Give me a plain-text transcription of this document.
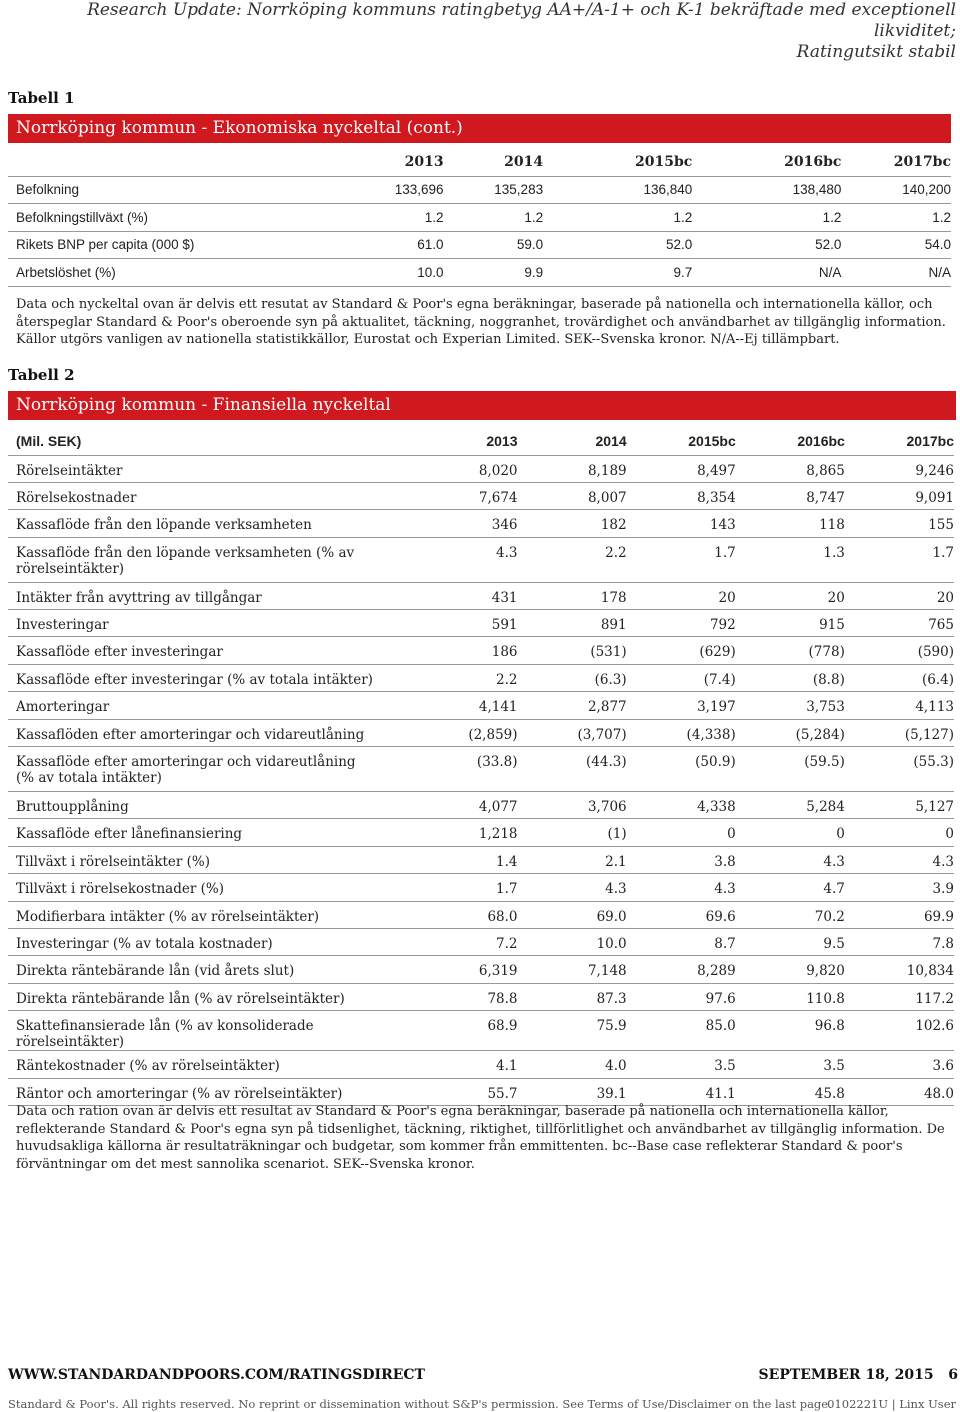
Research Update: Norrköping kommuns ratingbetyg AA+/A-1+ och K-1 bekräftade med exceptionell likviditet;
Ratingutsikt stabil
Tabell 1
Norrköping kommun - Ekonomiska nyckeltal (cont.)
	2013	2014	2015bc	2016bc	2017bc
Befolkning	133,696	135,283	136,840	138,480	140,200
Befolkningstillväxt (%)	1.2	1.2	1.2	1.2	1.2
Rikets BNP per capita (000 $)	61.0	59.0	52.0	52.0	54.0
Arbetslöshet (%)	10.0	9.9	9.7	N/A	N/A
Data och nyckeltal ovan är delvis ett resutat av Standard & Poor's egna beräkningar, baserade på nationella och internationella källor, och återspeglar Standard & Poor's oberoende syn på aktualitet, täckning, noggranhet, trovärdighet och användbarhet av tillgänglig information. Källor utgörs vanligen av nationella statistikkällor, Eurostat och Experian Limited. SEK--Svenska kronor. N/A--Ej tillämpbart.
Tabell 2
Norrköping kommun - Finansiella nyckeltal
(Mil. SEK)	2013	2014	2015bc	2016bc	2017bc
Rörelseintäkter	8,020	8,189	8,497	8,865	9,246
Rörelsekostnader	7,674	8,007	8,354	8,747	9,091
Kassaflöde från den löpande verksamheten	346	182	143	118	155
Kassaflöde från den löpande verksamheten (% av rörelseintäkter)	4.3	2.2	1.7	1.3	1.7
Intäkter från avyttring av tillgångar	431	178	20	20	20
Investeringar	591	891	792	915	765
Kassaflöde efter investeringar	186	(531)	(629)	(778)	(590)
Kassaflöde efter investeringar (% av totala intäkter)	2.2	(6.3)	(7.4)	(8.8)	(6.4)
Amorteringar	4,141	2,877	3,197	3,753	4,113
Kassaflöden efter amorteringar och vidareutlåning	(2,859)	(3,707)	(4,338)	(5,284)	(5,127)
Kassaflöde efter amorteringar och vidareutlåning (% av totala intäkter)	(33.8)	(44.3)	(50.9)	(59.5)	(55.3)
Bruttoupplåning	4,077	3,706	4,338	5,284	5,127
Kassaflöde efter lånefinansiering	1,218	(1)	0	0	0
Tillväxt i rörelseintäkter (%)	1.4	2.1	3.8	4.3	4.3
Tillväxt i rörelsekostnader (%)	1.7	4.3	4.3	4.7	3.9
Modifierbara intäkter (% av rörelseintäkter)	68.0	69.0	69.6	70.2	69.9
Investeringar (% av totala kostnader)	7.2	10.0	8.7	9.5	7.8
Direkta räntebärande lån (vid årets slut)	6,319	7,148	8,289	9,820	10,834
Direkta räntebärande lån (% av rörelseintäkter)	78.8	87.3	97.6	110.8	117.2
Skattefinansierade lån (% av konsoliderade rörelseintäkter)	68.9	75.9	85.0	96.8	102.6
Räntekostnader (% av rörelseintäkter)	4.1	4.0	3.5	3.5	3.6
Räntor och amorteringar (% av rörelseintäkter)	55.7	39.1	41.1	45.8	48.0
Data och ration ovan är delvis ett resultat av Standard & Poor's egna beräkningar, baserade på nationella och internationella källor, reflekterande Standard & Poor's egna syn på tidsenlighet, täckning, riktighet, tillförlitlighet och användbarhet av tillgänglig information. De huvudsakliga källorna är resultaträkningar och budgetar, som kommer från emmittenten. bc--Base case reflekterar Standard & poor's förväntningar om det mest sannolika scenariot. SEK--Svenska kronor.
WWW.STANDARDANDPOORS.COM/RATINGSDIRECT	SEPTEMBER 18, 2015   6
Standard & Poor's. All rights reserved. No reprint or dissemination without S&P's permission. See Terms of Use/Disclaimer on the last page.
0102221U | Linx User
